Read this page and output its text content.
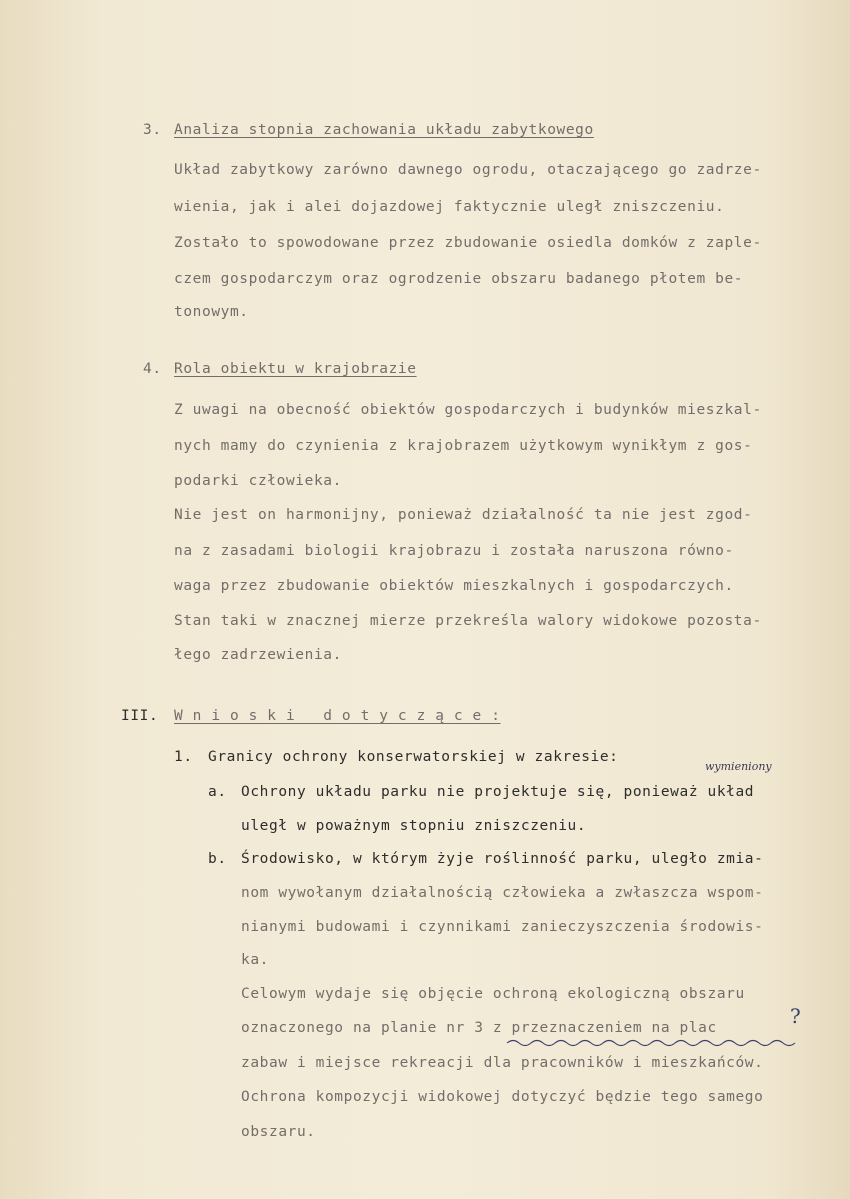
3. Analiza stopnia zachowania układu zabytkowego
Układ zabytkowy zarówno dawnego ogrodu, otaczającego go zadrze-
wienia, jak i alei dojazdowej faktycznie uległ zniszczeniu.
Zostało to spowodowane przez zbudowanie osiedla domków z zaple-
czem gospodarczym oraz ogrodzenie obszaru badanego płotem be-
tonowym.
4. Rola obiektu w krajobrazie
Z uwagi na obecność obiektów gospodarczych i budynków mieszkal-
nych mamy do czynienia z krajobrazem użytkowym wynikłym z gos-
podarki człowieka.
Nie jest on harmonijny, ponieważ działalność ta nie jest zgod-
na z zasadami biologii krajobrazu i została naruszona równo-
waga przez zbudowanie obiektów mieszkalnych i gospodarczych.
Stan taki w znacznej mierze przekreśla walory widokowe pozosta-
łego zadrzewienia.
III. W n i o s k i   d o t y c z ą c e :
1. Granicy ochrony konserwatorskiej w zakresie:
a. Ochrony układu parku nie projektuje się, ponieważ układ
uległ w poważnym stopniu zniszczeniu.
wymieniony
b. Środowisko, w którym żyje roślinność parku, uległo zmia-
nom wywołanym działalnością człowieka a zwłaszcza wspom-
nianymi budowami i czynnikami zanieczyszczenia środowis-
ka.
Celowym wydaje się objęcie ochroną ekologiczną obszaru
oznaczonego na planie nr 3 z przeznaczeniem na plac
zabaw i miejsce rekreacji dla pracowników i mieszkańców.
Ochrona kompozycji widokowej dotyczyć będzie tego samego
obszaru.
?
